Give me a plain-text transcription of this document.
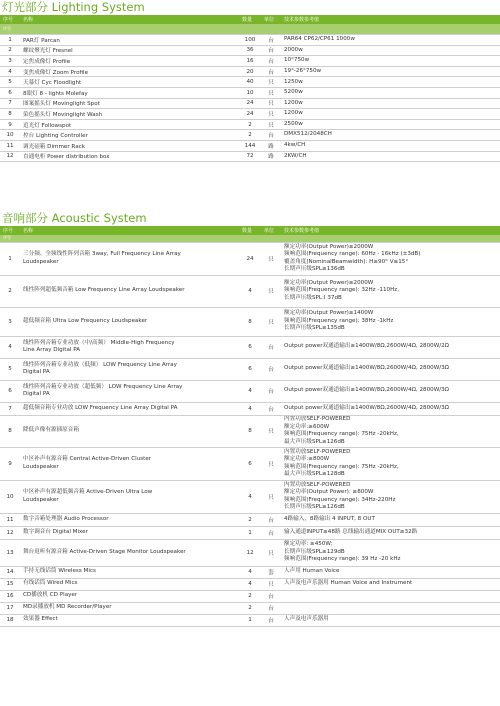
灯光部分 Lighting System
序号	名称	数量	单位	技术参数参考值
序号				
1	PAR灯 Parcan	100	台	PAR64 CP62/CP61 1000w

2	螺纹聚光灯 Fresnel	36	台	2000w

3	定焦成像灯 Profile	16	台	10°750w

4	变焦成像灯 Zoom Profile	20	台	19°-26°750w

5	天幕灯 Cyc Floodlight	40	只	1250w

6	8眼灯 8 - lights Molefay	10	只	5200w

7	图案摇头灯 Movinglight Spot	24	只	1200w

8	染色摇头灯 Movinglight Wash	24	只	1200w

9	追光灯 Followspot	2	只	2500w

10	控台 Lighting Controller	2	台	DMX512/2048CH

11	调光硅箱 Dimmer Rack	144	路	4kw/CH

12	直通电柜 Power distribution box	72	路	2KW/CH
音响部分 Acoustic System
序号	名称	数量	单位	技术参数参考值
序号				
1	三分频、全频线性阵列音箱 3way, Full Frequency Line Array
Loudspeaker	24	只	额定功率(Output Power)≥2000W
频响范围(Frequency range): 60Hz - 16kHz (±3dB)
覆盖角度(NominalBeamwidth): H≥90° V≤15°
长期声压级SPL≥136dB

2	线性阵列超低频音箱 Low Frequency Line Array Loudspeaker	4	只	额定功率(Output Power)≥2000W
频响范围(Frequency range): 32Hz -110Hz,
长期声压级SPL:I 37dB

3	超低频音箱 Ultra Low Frequency Loudspeaker	8	只	额定功率(Output Power)≥1400W
频响范围(Frequency range): 38Hz -1kHz
长期声压级SPL≥135dB

4	线性阵列音箱专业功放（中/高频） Middle-High Frequency
Line Array Digital PA	6	台	Output power双通道输出≥1400W/8Ω,2600W/4Ω, 2800W/2Ω

5	线性阵列音箱专业功放（低频） LOW Frequency Line Array
Digital PA	6	台	Output power双通道输出≥1400W/8Ω,2600W/4Ω, 2800W/3Ω

6	线性阵列音箱专业功放（超低频） LOW Frequency Line Array
Digital PA	4	台	Output power双通道输出≥1400W/8Ω,2600W/4Ω, 2800W/3Ω

7	超低频音箱专业功放 LOW Frequency Line Array Digital PA	4	台	Output power双通道输出≥1400W/8Ω,2600W/4Ω, 2800W/3Ω

8	降低声像有源插原音箱	8	只	内置功放SELF-POWERED
额定功率:≥600W
频响范围(Frequency range): 75Hz -20kHz,
最大声压级SPL≥126dB

9	中区补声有源音箱 Central Active-Driven Cluster
Loudspeaker	6	只	内置功放SELF-POWERED
额定功率:≥800W
频响范围(Frequency range): 75Hz -20kHz,
最大声压级SPL≥128dB

10	中区补声有源超低频音箱 Active-Driven Ultra Low
Loudspeaker	4	只	内置功放SELF-POWERED
额定功率(Output Power): ≥800W
频响范围(Frequency range): 34Hz-220Hz
长期声压级SPL≥126dB

11	数字音箱处理器 Audio Processor	2	台	4路输入，8路输出 4 INPUT, 8 OUT

12	数字调音台 Digital Mixer	1	台	输入通道INPUT≥48路 总线输出通道MIX OUT≥32路

13	舞台返听有源音箱 Active-Driven Stage Monitor Loudspeaker	12	只	额定功率: ≥450W;
长期声压级SPL≥129dB
频响范围(Frequency range): 39 Hz -20 kHz

14	手持无线话筒 Wireless Mics	4	套	人声用 Human Voice

15	有线话筒 Wired Mics	4	只	人声及电声乐器用 Human Voice and Instrument

16	CD播放机 CD Player	2	台	

17	MD录播放机 MD Recorder/Player	2	台	

18	效果器 Effect	1	台	人声及电声乐器用
